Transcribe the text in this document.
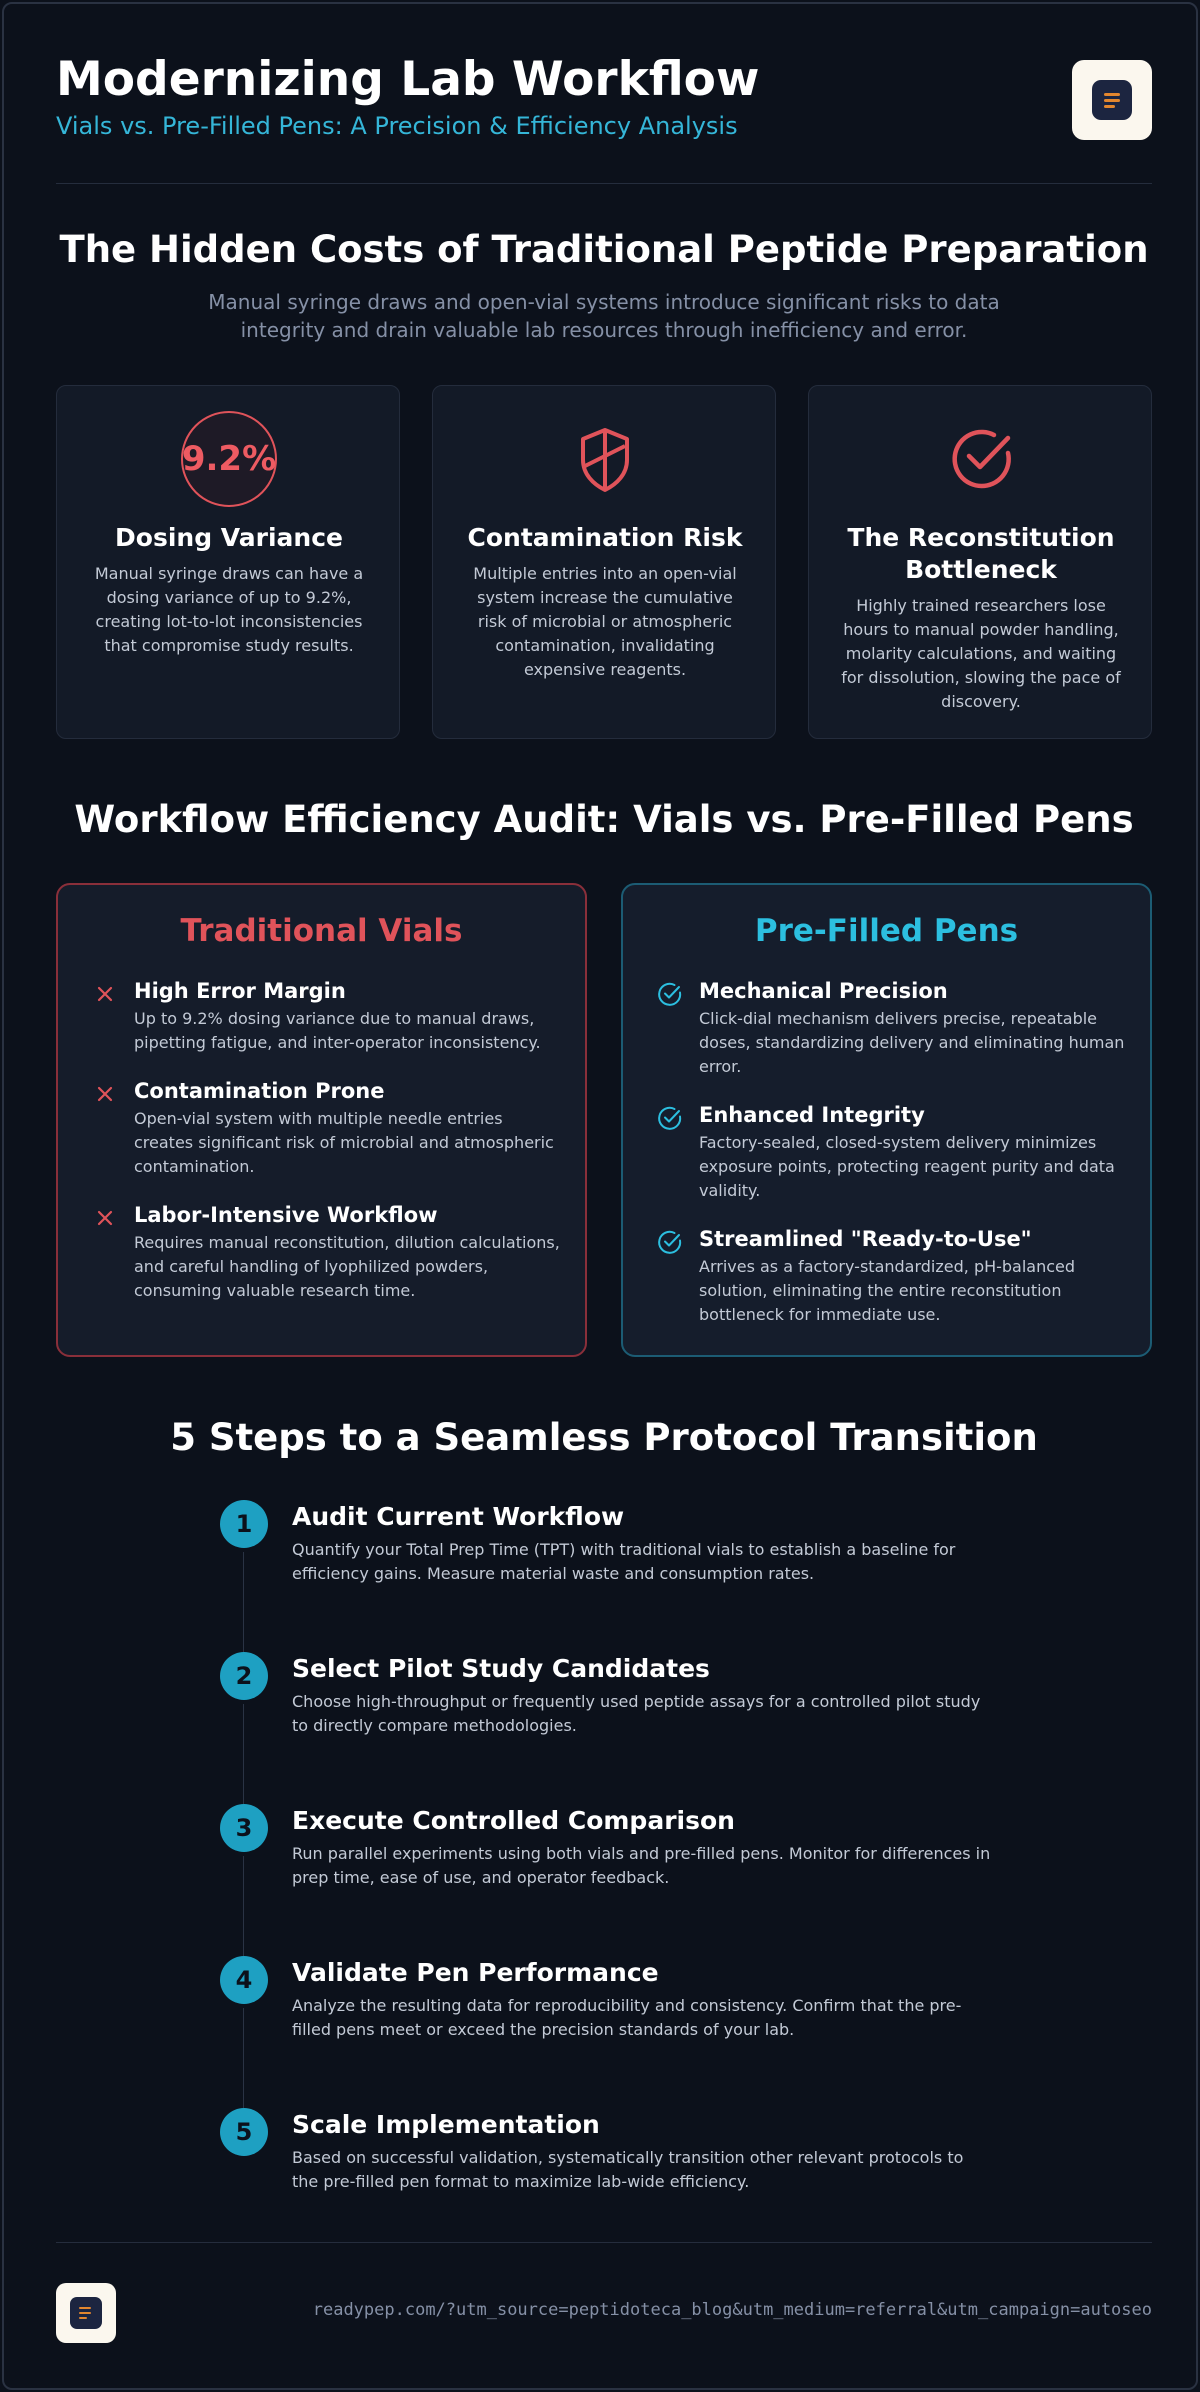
Modernizing Lab Workflow
Vials vs. Pre-Filled Pens: A Precision & Efficiency Analysis
The Hidden Costs of Traditional Peptide Preparation
Manual syringe draws and open-vial systems introduce significant risks to data integrity and drain valuable lab resources through inefficiency and error.
9.2%
Dosing Variance
Manual syringe draws can have a dosing variance of up to 9.2%, creating lot-to-lot inconsistencies that compromise study results.
Contamination Risk
Multiple entries into an open-vial system increase the cumulative risk of microbial or atmospheric contamination, invalidating expensive reagents.
The Reconstitution Bottleneck
Highly trained researchers lose hours to manual powder handling, molarity calculations, and waiting for dissolution, slowing the pace of discovery.
Workflow Efficiency Audit: Vials vs. Pre-Filled Pens
Traditional Vials
High Error Margin
Up to 9.2% dosing variance due to manual draws, pipetting fatigue, and inter-operator inconsistency.
Contamination Prone
Open-vial system with multiple needle entries creates significant risk of microbial and atmospheric contamination.
Labor-Intensive Workflow
Requires manual reconstitution, dilution calculations, and careful handling of lyophilized powders, consuming valuable research time.
Pre-Filled Pens
Mechanical Precision
Click-dial mechanism delivers precise, repeatable doses, standardizing delivery and eliminating human error.
Enhanced Integrity
Factory-sealed, closed-system delivery minimizes exposure points, protecting reagent purity and data validity.
Streamlined "Ready-to-Use"
Arrives as a factory-standardized, pH-balanced solution, eliminating the entire reconstitution bottleneck for immediate use.
5 Steps to a Seamless Protocol Transition
1	Audit Current Workflow
Quantify your Total Prep Time (TPT) with traditional vials to establish a baseline for efficiency gains. Measure material waste and consumption rates.
2	Select Pilot Study Candidates
Choose high-throughput or frequently used peptide assays for a controlled pilot study to directly compare methodologies.
3	Execute Controlled Comparison
Run parallel experiments using both vials and pre-filled pens. Monitor for differences in prep time, ease of use, and operator feedback.
4	Validate Pen Performance
Analyze the resulting data for reproducibility and consistency. Confirm that the pre-filled pens meet or exceed the precision standards of your lab.
5	Scale Implementation
Based on successful validation, systematically transition other relevant protocols to the pre-filled pen format to maximize lab-wide efficiency.
readypep.com/?utm_source=peptidoteca_blog&utm_medium=referral&utm_campaign=autoseo
